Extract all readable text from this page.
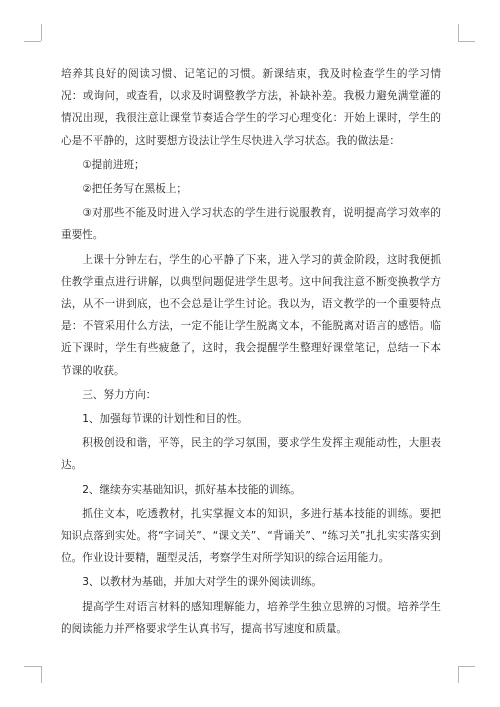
培养其良好的阅读习惯、记笔记的习惯。新课结束，我及时检查学生的学习情况：或询问，或查看，以求及时调整教学方法，补缺补差。我极力避免满堂灌的情况出现，我很注意让课堂节奏适合学生的学习心理变化：开始上课时，学生的心是不平静的，这时要想方设法让学生尽快进入学习状态。我的做法是：

①提前进班；

②把任务写在黑板上；

③对那些不能及时进入学习状态的学生进行说服教育，说明提高学习效率的重要性。

上课十分钟左右，学生的心平静了下来，进入学习的黄金阶段，这时我便抓住教学重点进行讲解，以典型问题促进学生思考。这中间我注意不断变换教学方法，从不一讲到底，也不会总是让学生讨论。我以为，语文教学的一个重要特点是：不管采用什么方法，一定不能让学生脱离文本，不能脱离对语言的感悟。临近下课时，学生有些疲惫了，这时，我会提醒学生整理好课堂笔记，总结一下本节课的收获。

三、努力方向：

1、加强每节课的计划性和目的性。

积极创设和谐，平等，民主的学习氛围，要求学生发挥主观能动性，大胆表达。

2、继续夯实基础知识，抓好基本技能的训练。

抓住文本，吃透教材，扎实掌握文本的知识，多进行基本技能的训练。要把知识点落到实处。将“字词关”、“课文关”、“背诵关”、“练习关”扎扎实实落实到位。作业设计要精，题型灵活，考察学生对所学知识的综合运用能力。

3、以教材为基础，并加大对学生的课外阅读训练。

提高学生对语言材料的感知理解能力，培养学生独立思辨的习惯。培养学生的阅读能力并严格要求学生认真书写，提高书写速度和质量。
